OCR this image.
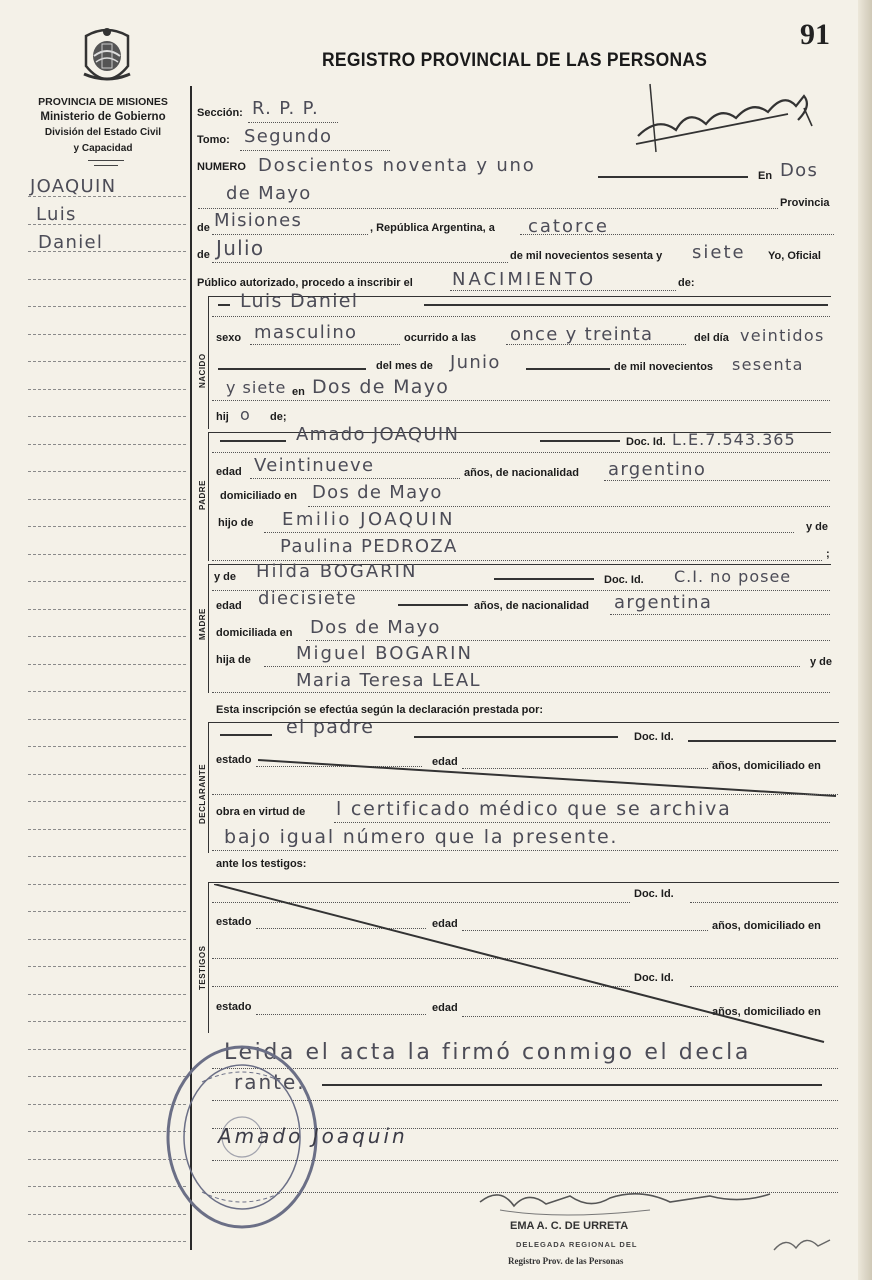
91
REGISTRO PROVINCIAL DE LAS PERSONAS
PROVINCIA DE MISIONES
Ministerio de Gobierno
División del Estado Civil
y Capacidad
JOAQUIN
Luis
Daniel
Sección: R. P. P.
Tomo: Segundo
NUMERO Doscientos noventa y uno	En Dos
de Mayo	Provincia
de Misiones	, República Argentina, a catorce
de Julio	de mil novecientos sesenta y siete Yo, Oficial
Público autorizado, procedo a inscribir el NACIMIENTO	de:
NACIDO
Luis Daniel
sexo masculino	ocurrido a las once y treinta	del día veintidos
del mes de Junio	de mil novecientos sesenta
y siete en Dos de Mayo
hij o de;
PADRE
Amado JOAQUIN	Doc. Id. L.E.7.543.365
edad Veintinueve	años, de nacionalidad argentino
domiciliado en Dos de Mayo
hijo de Emilio JOAQUIN	y de
Paulina PEDROZA	;
MADRE
y de Hilda BOGARIN	Doc. Id. C.I. no posee
edad diecisiete	años, de nacionalidad argentina
domiciliada en Dos de Mayo
hija de	Miguel BOGARIN	y de
Maria Teresa LEAL
Esta inscripción se efectúa según la declaración prestada por:
DECLARANTE
el padre	Doc. Id.
estado	edad	años, domiciliado en
obra en virtud de l certificado médico que se archiva
bajo igual número que la presente.
ante los testigos:
TESTIGOS
Doc. Id.
estado	edad	años, domiciliado en
Doc. Id.
estado	edad	años, domiciliado en
Leida el acta la firmó conmigo el decla
rante.
Amado Joaquin
EMA A. C. DE URRETA
DELEGADA REGIONAL DEL
Registro Prov. de las Personas
